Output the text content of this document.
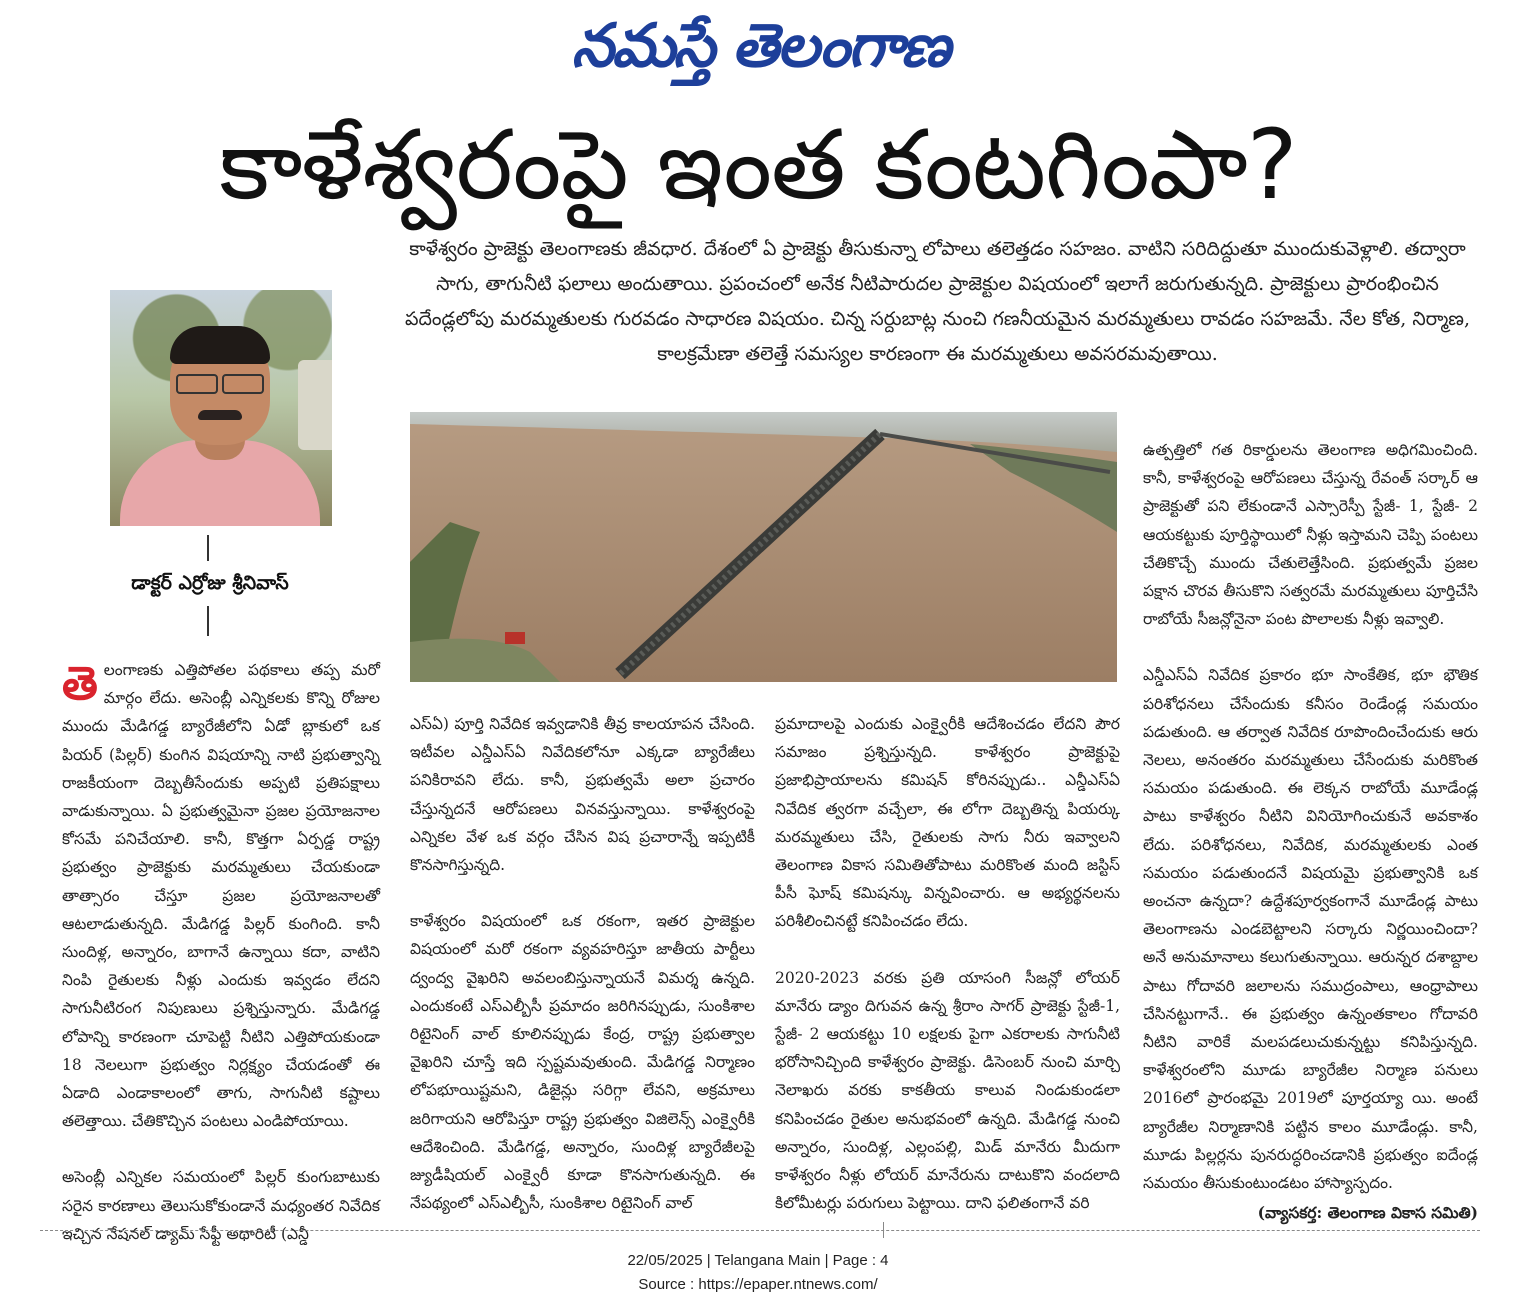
నమస్తే తెలంగాణ
కాళేశ్వరంపై ఇంత కంటగింపా?
కాళేశ్వరం ప్రాజెక్టు తెలంగాణకు జీవధార. దేశంలో ఏ ప్రాజెక్టు తీసుకున్నా లోపాలు తలెత్తడం సహజం. వాటిని సరిదిద్దుతూ ముందుకువెళ్లాలి. తద్వారా సాగు, తాగునీటి ఫలాలు అందుతాయి. ప్రపంచంలో అనేక నీటిపారుదల ప్రాజెక్టుల విషయంలో ఇలాగే జరుగుతున్నది. ప్రాజెక్టులు ప్రారంభించిన పదేండ్లలోపు మరమ్మతులకు గురవడం సాధారణ విషయం. చిన్న సర్దుబాట్ల నుంచి గణనీయమైన మరమ్మతులు రావడం సహజమే. నేల కోత, నిర్మాణ, కాలక్రమేణా తలెత్తే సమస్యల కారణంగా ఈ మరమ్మతులు అవసరమవుతాయి.
డాక్టర్ ఎర్రోజు శ్రీనివాస్

తెలంగాణకు ఎత్తిపోతల పథకాలు తప్ప మరో మార్గం లేదు. అసెంబ్లీ ఎన్నికలకు కొన్ని రోజుల ముందు మేడిగడ్డ బ్యారేజీలోని ఏడో బ్లాకులో ఒక పియర్ (పిల్లర్) కుంగిన విషయాన్ని నాటి ప్రభుత్వాన్ని రాజకీయంగా దెబ్బతీసేందుకు అప్పటి ప్రతిపక్షాలు వాడుకున్నాయి. ఏ ప్రభుత్వమైనా ప్రజల ప్రయోజనాల కోసమే పనిచేయాలి. కానీ, కొత్తగా ఏర్పడ్డ రాష్ట్ర ప్రభుత్వం ప్రాజెక్టుకు మరమ్మతులు చేయకుండా తాత్సారం చేస్తూ ప్రజల ప్రయోజనాలతో ఆటలాడుతున్నది. మేడిగడ్డ పిల్లర్ కుంగింది. కానీ సుందిళ్ల, అన్నారం, బాగానే ఉన్నాయి కదా, వాటిని నింపి రైతులకు నీళ్లు ఎందుకు ఇవ్వడం లేదని సాగునీటిరంగ నిపుణులు ప్రశ్నిస్తున్నారు. మేడిగడ్డ లోపాన్ని కారణంగా చూపెట్టి నీటిని ఎత్తిపోయకుండా 18 నెలలుగా ప్రభుత్వం నిర్లక్ష్యం చేయడంతో ఈ ఏడాది ఎండాకాలంలో తాగు, సాగునీటి కష్టాలు తలెత్తాయి. చేతికొచ్చిన పంటలు ఎండిపోయాయి.

అసెంబ్లీ ఎన్నికల సమయంలో పిల్లర్ కుంగుబాటుకు సరైన కారణాలు తెలుసుకోకుండానే మధ్యంతర నివేదిక ఇచ్చిన నేషనల్ డ్యామ్ సేఫ్టీ అథారిటీ (ఎన్డీ

ఎస్ఏ) పూర్తి నివేదిక ఇవ్వడానికి తీవ్ర కాలయాపన చేసింది. ఇటీవల ఎన్డీఎస్ఏ నివేదికలోనూ ఎక్కడా బ్యారేజీలు పనికిరావని లేదు. కానీ, ప్రభుత్వమే అలా ప్రచారం చేస్తున్నదనే ఆరోపణలు వినవస్తున్నాయి. కాళేశ్వరంపై ఎన్నికల వేళ ఒక వర్గం చేసిన విష ప్రచారాన్నే ఇప్పటికీ కొనసాగిస్తున్నది.

కాళేశ్వరం విషయంలో ఒక రకంగా, ఇతర ప్రాజెక్టుల విషయంలో మరో రకంగా వ్యవహరిస్తూ జాతీయ పార్టీలు ద్వంద్వ వైఖరిని అవలంబిస్తున్నాయనే విమర్శ ఉన్నది. ఎందుకంటే ఎస్ఎల్బీసీ ప్రమాదం జరిగినప్పుడు, సుంకిశాల రిటైనింగ్ వాల్ కూలినప్పుడు కేంద్ర, రాష్ట్ర ప్రభుత్వాల వైఖరిని చూస్తే ఇది స్పష్టమవుతుంది. మేడిగడ్డ నిర్మాణం లోపభూయిష్టమని, డిజైన్లు సరిగ్గా లేవని, అక్రమాలు జరిగాయని ఆరోపిస్తూ రాష్ట్ర ప్రభుత్వం విజిలెన్స్ ఎంక్వైరీకి ఆదేశించింది. మేడిగడ్డ, అన్నారం, సుందిళ్ల బ్యారేజీలపై జ్యుడీషియల్ ఎంక్వైరీ కూడా కొనసాగుతున్నది. ఈ నేపథ్యంలో ఎస్ఎల్బీసీ, సుంకిశాల రిటైనింగ్ వాల్

ప్రమాదాలపై ఎందుకు ఎంక్వైరీకి ఆదేశించడం లేదని పౌర సమాజం ప్రశ్నిస్తున్నది. కాళేశ్వరం ప్రాజెక్టుపై ప్రజాభిప్రాయాలను కమిషన్ కోరినప్పుడు.. ఎన్డీఎస్ఏ నివేదిక త్వరగా వచ్చేలా, ఈ లోగా దెబ్బతిన్న పియర్కు మరమ్మతులు చేసి, రైతులకు సాగు నీరు ఇవ్వాలని తెలంగాణ వికాస సమితితోపాటు మరికొంత మంది జస్టిస్ పీసీ ఘోష్ కమిషన్కు విన్నవించారు. ఆ అభ్యర్థనలను పరిశీలించినట్టే కనిపించడం లేదు.

2020-2023 వరకు ప్రతి యాసంగి సీజన్లో లోయర్ మానేరు డ్యాం దిగువన ఉన్న శ్రీరాం సాగర్ ప్రాజెక్టు స్టేజీ-1, స్టేజీ- 2 ఆయకట్టు 10 లక్షలకు పైగా ఎకరాలకు సాగునీటి భరోసానిచ్చింది కాళేశ్వరం ప్రాజెక్టు. డిసెంబర్ నుంచి మార్చి నెలాఖరు వరకు కాకతీయ కాలువ నిండుకుండలా కనిపించడం రైతుల అనుభవంలో ఉన్నది. మేడిగడ్డ నుంచి అన్నారం, సుందిళ్ల, ఎల్లంపల్లి, మిడ్ మానేరు మీదుగా కాళేశ్వరం నీళ్లు లోయర్ మానేరును దాటుకొని వందలాది కిలోమీటర్లు పరుగులు పెట్టాయి. దాని ఫలితంగానే వరి

ఉత్పత్తిలో గత రికార్డులను తెలంగాణ అధిగమించింది. కానీ, కాళేశ్వరంపై ఆరోపణలు చేస్తున్న రేవంత్ సర్కార్ ఆ ప్రాజెక్టుతో పని లేకుండానే ఎస్సారెస్పీ స్టేజీ- 1, స్టేజీ- 2 ఆయకట్టుకు పూర్తిస్థాయిలో నీళ్లు ఇస్తామని చెప్పి పంటలు చేతికొచ్చే ముందు చేతులెత్తేసింది. ప్రభుత్వమే ప్రజల పక్షాన చొరవ తీసుకొని సత్వరమే మరమ్మతులు పూర్తిచేసి రాబోయే సీజన్లోనైనా పంట పొలాలకు నీళ్లు ఇవ్వాలి.

ఎన్డీఎస్ఏ నివేదిక ప్రకారం భూ సాంకేతిక, భూ భౌతిక పరిశోధనలు చేసేందుకు కనీసం రెండేండ్ల సమయం పడుతుంది. ఆ తర్వాత నివేదిక రూపొందించేందుకు ఆరు నెలలు, అనంతరం మరమ్మతులు చేసేందుకు మరికొంత సమయం పడుతుంది. ఈ లెక్కన రాబోయే మూడేండ్ల పాటు కాళేశ్వరం నీటిని వినియోగించుకునే అవకాశం లేదు. పరిశోధనలు, నివేదిక, మరమ్మతులకు ఎంత సమయం పడుతుందనే విషయమై ప్రభుత్వానికి ఒక అంచనా ఉన్నదా? ఉద్దేశపూర్వకంగానే మూడేండ్ల పాటు తెలంగాణను ఎండబెట్టాలని సర్కారు నిర్ణయించిందా? అనే అనుమానాలు కలుగుతున్నాయి. ఆరున్నర దశాబ్దాల పాటు గోదావరి జలాలను సముద్రంపాలు, ఆంధ్రాపాలు చేసినట్టుగానే.. ఈ ప్రభుత్వం ఉన్నంతకాలం గోదావరి నీటిని వారికే మలపడలుచుకున్నట్టు కనిపిస్తున్నది. కాళేశ్వరంలోని మూడు బ్యారేజీల నిర్మాణ పనులు 2016లో ప్రారంభమై 2019లో పూర్తయ్యా యి. అంటే బ్యారేజీల నిర్మాణానికి పట్టిన కాలం మూడేండ్లు. కానీ, మూడు పిల్లర్లను పునరుద్ధరించడానికి ప్రభుత్వం ఐదేండ్ల సమయం తీసుకుంటుండటం హాస్యాస్పదం.

(వ్యాసకర్త: తెలంగాణ వికాస సమితి)
22/05/2025 | Telangana Main | Page : 4
Source : https://epaper.ntnews.com/
